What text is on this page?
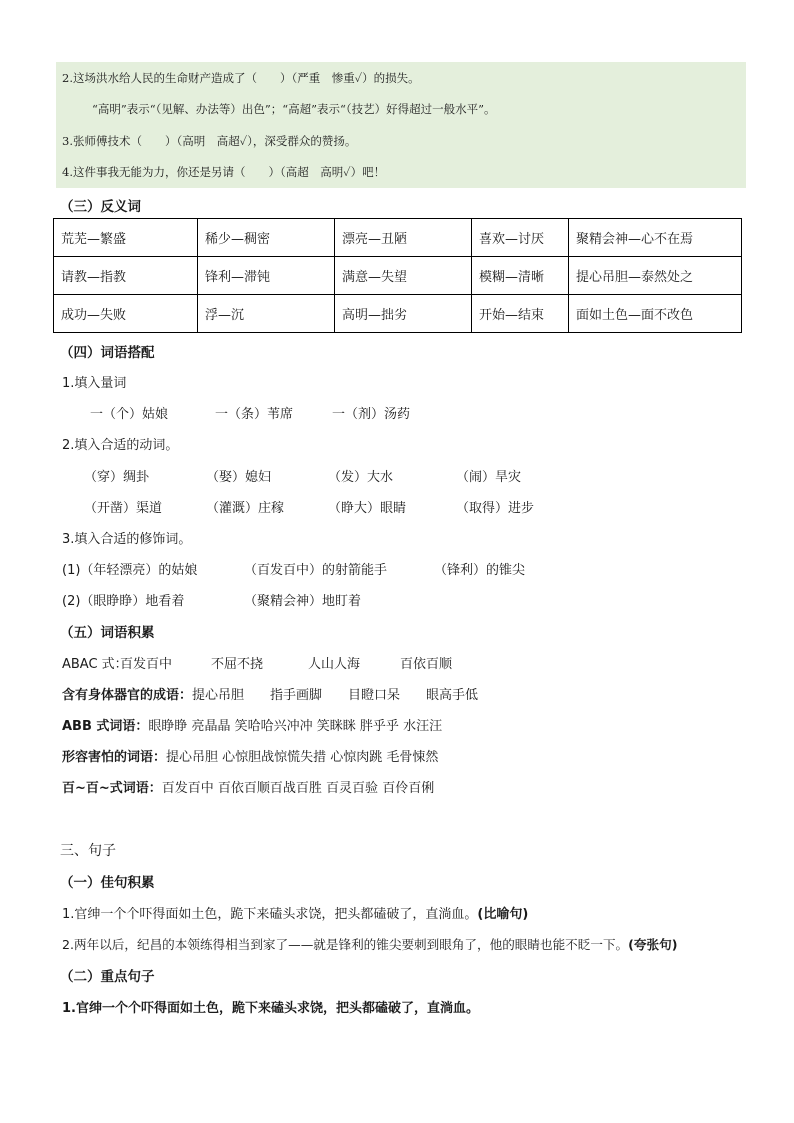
2.这场洪水给人民的生命财产造成了（　　）（严重　惨重✓）的损失。
“高明”表示“（见解、办法等）出色”；“高超”表示“（技艺）好得超过一般水平”。
3.张师傅技术（　　）（高明　高超✓），深受群众的赞扬。
4.这件事我无能为力，你还是另请（　　）（高超　高明✓）吧！
（三）反义词
荒芜—繁盛	稀少—稠密	漂亮—丑陋	喜欢—讨厌	聚精会神—心不在焉
请教—指教	锋利—滞钝	满意—失望	模糊—清晰	提心吊胆—泰然处之
成功—失败	浮—沉	高明—拙劣	开始—结束	面如土色—面不改色
（四）词语搭配
1.填入量词
一（个）姑娘	一（条）苇席	一（剂）汤药
2.填入合适的动词。
（穿）绸卦	（娶）媳妇	（发）大水	（闹）旱灾
（开凿）渠道	（灌溉）庄稼	（睁大）眼睛	（取得）进步
3.填入合适的修饰词。
(1)（年轻漂亮）的姑娘	（百发百中）的射箭能手	（锋利）的锥尖
(2)（眼睁睁）地看着	（聚精会神）地盯着
（五）词语积累
ABAC 式：
百发百中	不屈不挠	人山人海	百依百顺
含有身体器官的成语：提心吊胆　　指手画脚　　目瞪口呆　　眼高手低
ABB 式词语：眼睁睁 亮晶晶 笑哈哈兴冲冲 笑眯眯 胖乎乎 水汪汪
形容害怕的词语：提心吊胆 心惊胆战惊慌失措 心惊肉跳 毛骨悚然
百~百~式词语：百发百中 百依百顺百战百胜 百灵百验 百伶百俐
三、句子
（一）佳句积累
1.官绅一个个吓得面如土色，跪下来磕头求饶，把头都磕破了，直淌血。(比喻句)
2.两年以后，纪昌的本领练得相当到家了——就是锋利的锥尖要刺到眼角了，他的眼睛也能不眨一下。(夸张句)
（二）重点句子
1.官绅一个个吓得面如土色，跪下来磕头求饶，把头都磕破了，直淌血。
